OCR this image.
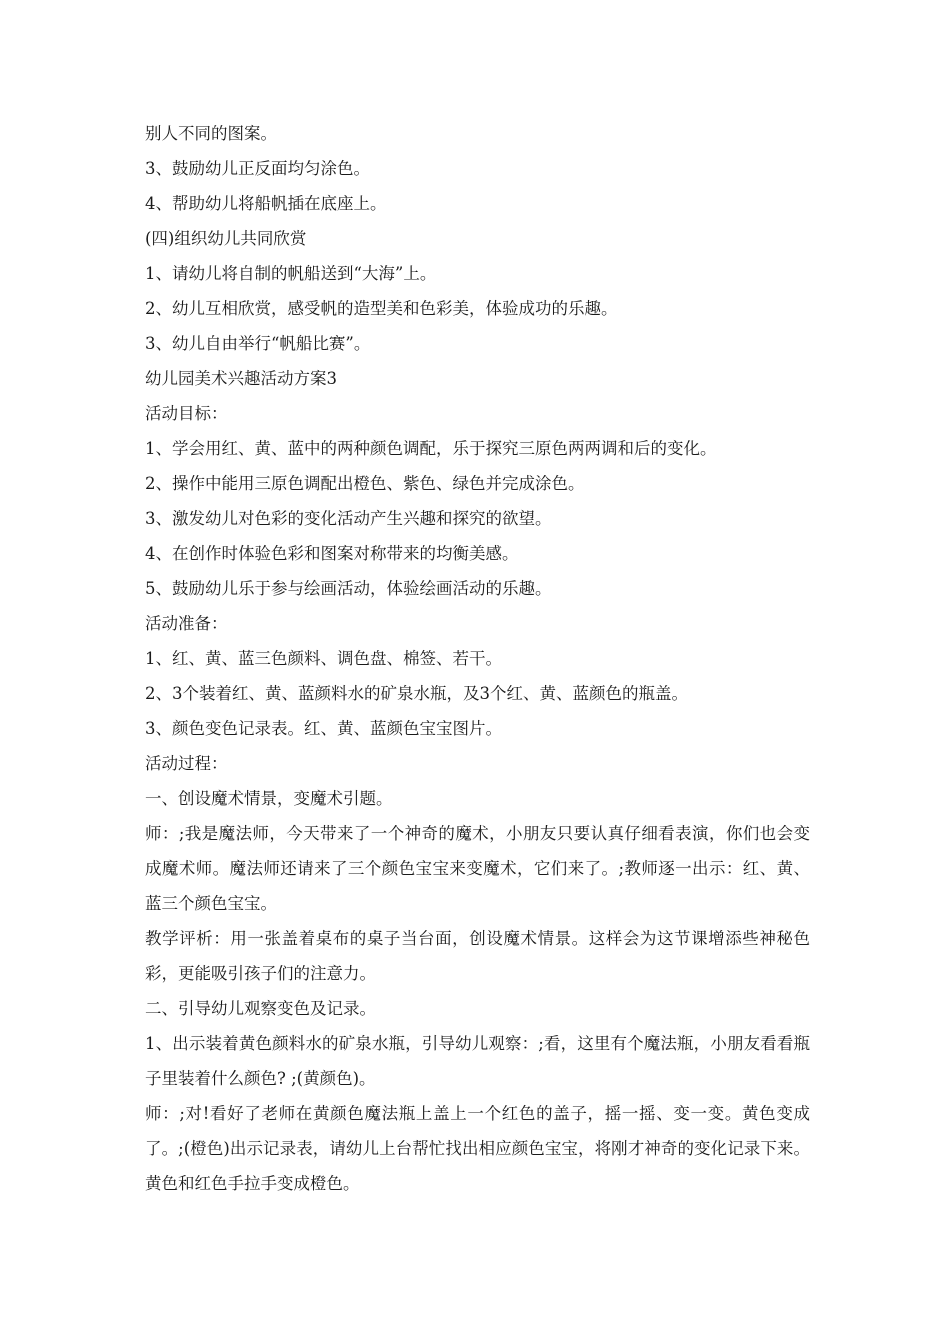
别人不同的图案。

3、鼓励幼儿正反面均匀涂色。

4、帮助幼儿将船帆插在底座上。

(四)组织幼儿共同欣赏

1、请幼儿将自制的帆船送到“大海”上。

2、幼儿互相欣赏，感受帆的造型美和色彩美，体验成功的乐趣。

3、幼儿自由举行“帆船比赛”。

幼儿园美术兴趣活动方案3

活动目标：

1、学会用红、黄、蓝中的两种颜色调配，乐于探究三原色两两调和后的变化。

2、操作中能用三原色调配出橙色、紫色、绿色并完成涂色。

3、激发幼儿对色彩的变化活动产生兴趣和探究的欲望。

4、在创作时体验色彩和图案对称带来的均衡美感。

5、鼓励幼儿乐于参与绘画活动，体验绘画活动的乐趣。

活动准备：

1、红、黄、蓝三色颜料、调色盘、棉签、若干。

2、3个装着红、黄、蓝颜料水的矿泉水瓶，及3个红、黄、蓝颜色的瓶盖。

3、颜色变色记录表。红、黄、蓝颜色宝宝图片。

活动过程：

一、创设魔术情景，变魔术引题。

师：;我是魔法师，今天带来了一个神奇的魔术，小朋友只要认真仔细看表演，你们也会变成魔术师。魔法师还请来了三个颜色宝宝来变魔术，它们来了。;教师逐一出示：红、黄、蓝三个颜色宝宝。

教学评析：用一张盖着桌布的桌子当台面，创设魔术情景。这样会为这节课增添些神秘色彩，更能吸引孩子们的注意力。

二、引导幼儿观察变色及记录。

1、出示装着黄色颜料水的矿泉水瓶，引导幼儿观察：;看，这里有个魔法瓶，小朋友看看瓶子里装着什么颜色? ;(黄颜色)。

师：;对!看好了老师在黄颜色魔法瓶上盖上一个红色的盖子，摇一摇、变一变。黄色变成了。;(橙色)出示记录表，请幼儿上台帮忙找出相应颜色宝宝，将刚才神奇的变化记录下来。黄色和红色手拉手变成橙色。
